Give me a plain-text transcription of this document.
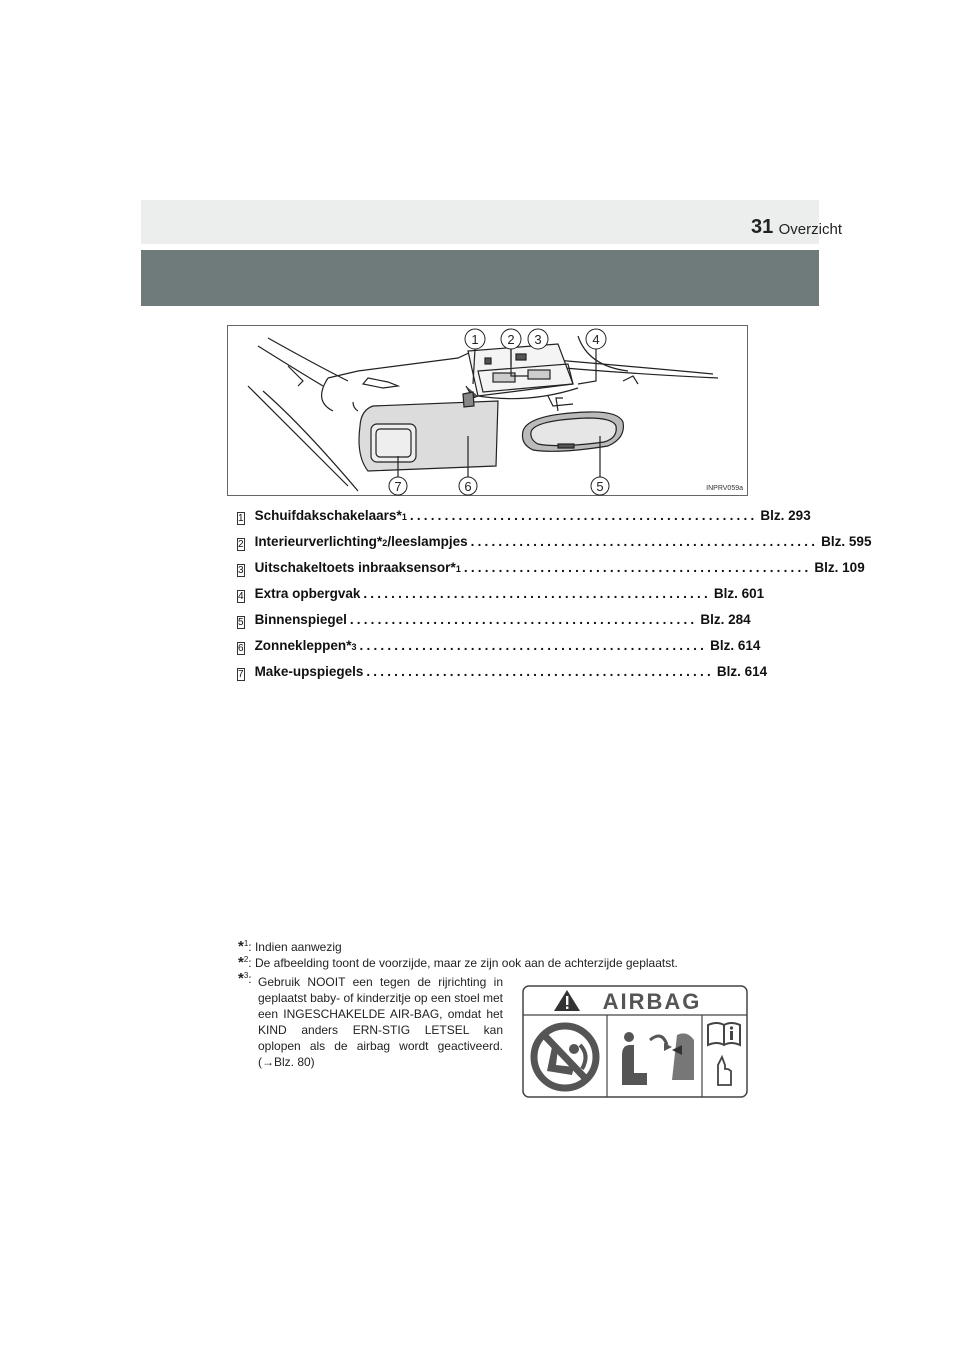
Overzicht
31
1 2 3	4
5
6
7	INPRV059a
1 Schuifdakschakelaars *1 .................................................. Blz. 293
2 Interieurverlichting *2 /leeslampjes .................................................. Blz. 595
3 Uitschakeltoets inbraaksensor *1 .................................................. Blz. 109
4 Extra opbergvak .................................................. Blz. 601
5 Binnenspiegel .................................................. Blz. 284
6 Zonnekleppen *3 .................................................. Blz. 614
7 Make-upspiegels .................................................. Blz. 614
*$^1$: Indien aanwezig
*$^2$: De afbeelding toont de voorzijde, maar ze zijn ook aan de achterzijde geplaatst.
*$^3$: Gebruik NOOIT een tegen de rijrichting in geplaatst baby- of kinderzitje op een stoel met een INGESCHAKELDE AIR-BAG, omdat het KIND anders ERN-STIG LETSEL kan oplopen als de airbag wordt geactiveerd. (→Blz. 80)
AIRBAG
